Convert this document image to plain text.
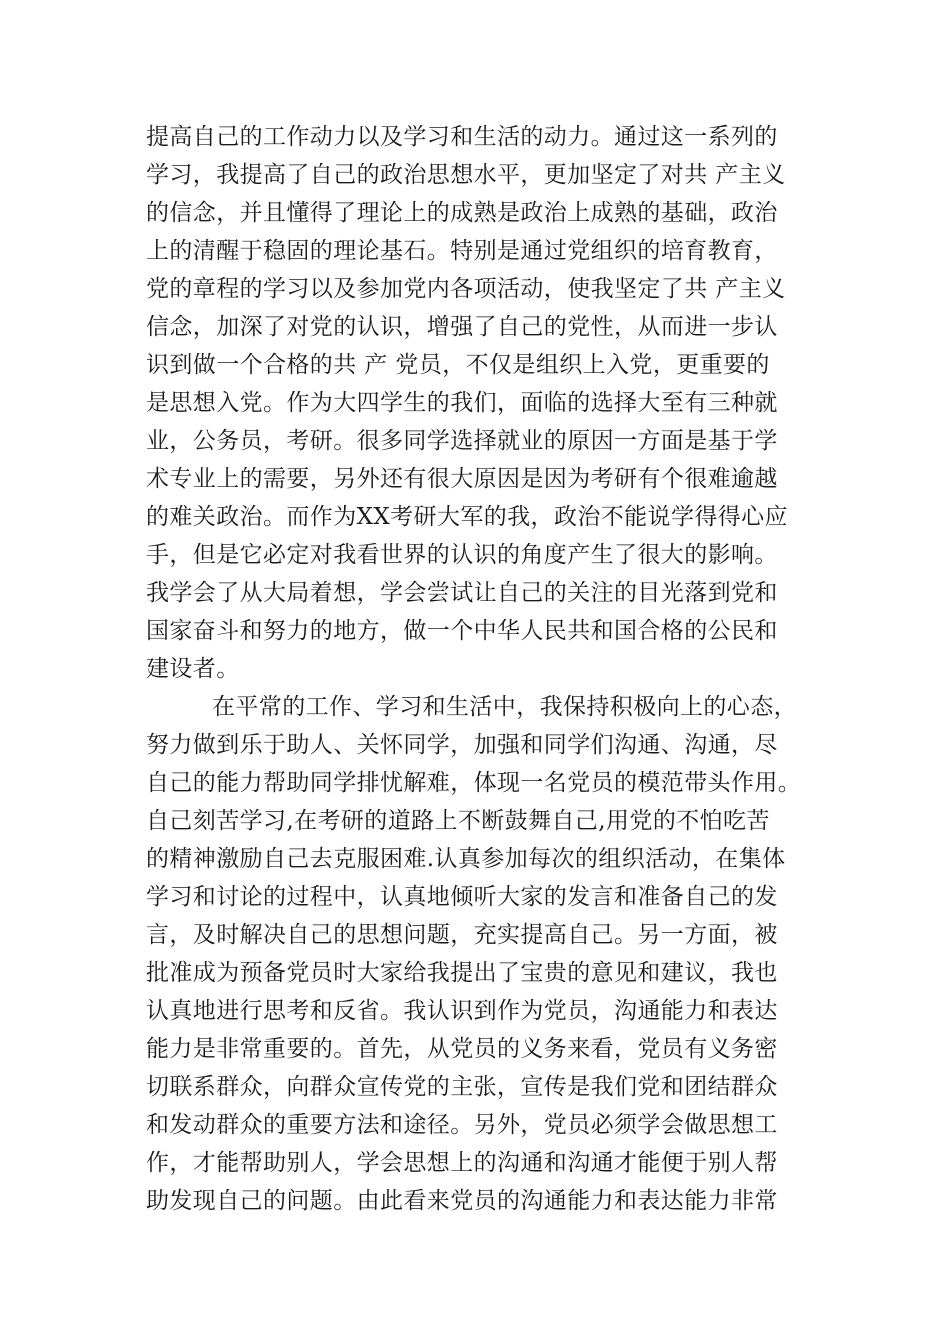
提高自己的工作动力以及学习和生活的动力。通过这一系列的
学习，我提高了自己的政治思想水平，更加坚定了对共 产主义
的信念，并且懂得了理论上的成熟是政治上成熟的基础，政治
上的清醒于稳固的理论基石。特别是通过党组织的培育教育，
党的章程的学习以及参加党内各项活动，使我坚定了共 产主义
信念，加深了对党的认识，增强了自己的党性，从而进一步认
识到做一个合格的共 产 党员，不仅是组织上入党，更重要的
是思想入党。作为大四学生的我们，面临的选择大至有三种就
业，公务员，考研。很多同学选择就业的原因一方面是基于学
术专业上的需要，另外还有很大原因是因为考研有个很难逾越
的难关政治。而作为XX考研大军的我，政治不能说学得得心应
手，但是它必定对我看世界的认识的角度产生了很大的影响。
我学会了从大局着想，学会尝试让自己的关注的目光落到党和
国家奋斗和努力的地方，做一个中华人民共和国合格的公民和
建设者。
在平常的工作、学习和生活中，我保持积极向上的心态，
努力做到乐于助人、关怀同学，加强和同学们沟通、沟通，尽
自己的能力帮助同学排忧解难，体现一名党员的模范带头作用。
自己刻苦学习,在考研的道路上不断鼓舞自己,用党的不怕吃苦
的精神激励自己去克服困难.认真参加每次的组织活动，在集体
学习和讨论的过程中，认真地倾听大家的发言和准备自己的发
言，及时解决自己的思想问题，充实提高自己。另一方面，被
批准成为预备党员时大家给我提出了宝贵的意见和建议，我也
认真地进行思考和反省。我认识到作为党员，沟通能力和表达
能力是非常重要的。首先，从党员的义务来看，党员有义务密
切联系群众，向群众宣传党的主张，宣传是我们党和团结群众
和发动群众的重要方法和途径。另外，党员必须学会做思想工
作，才能帮助别人，学会思想上的沟通和沟通才能便于别人帮
助发现自己的问题。由此看来党员的沟通能力和表达能力非常
